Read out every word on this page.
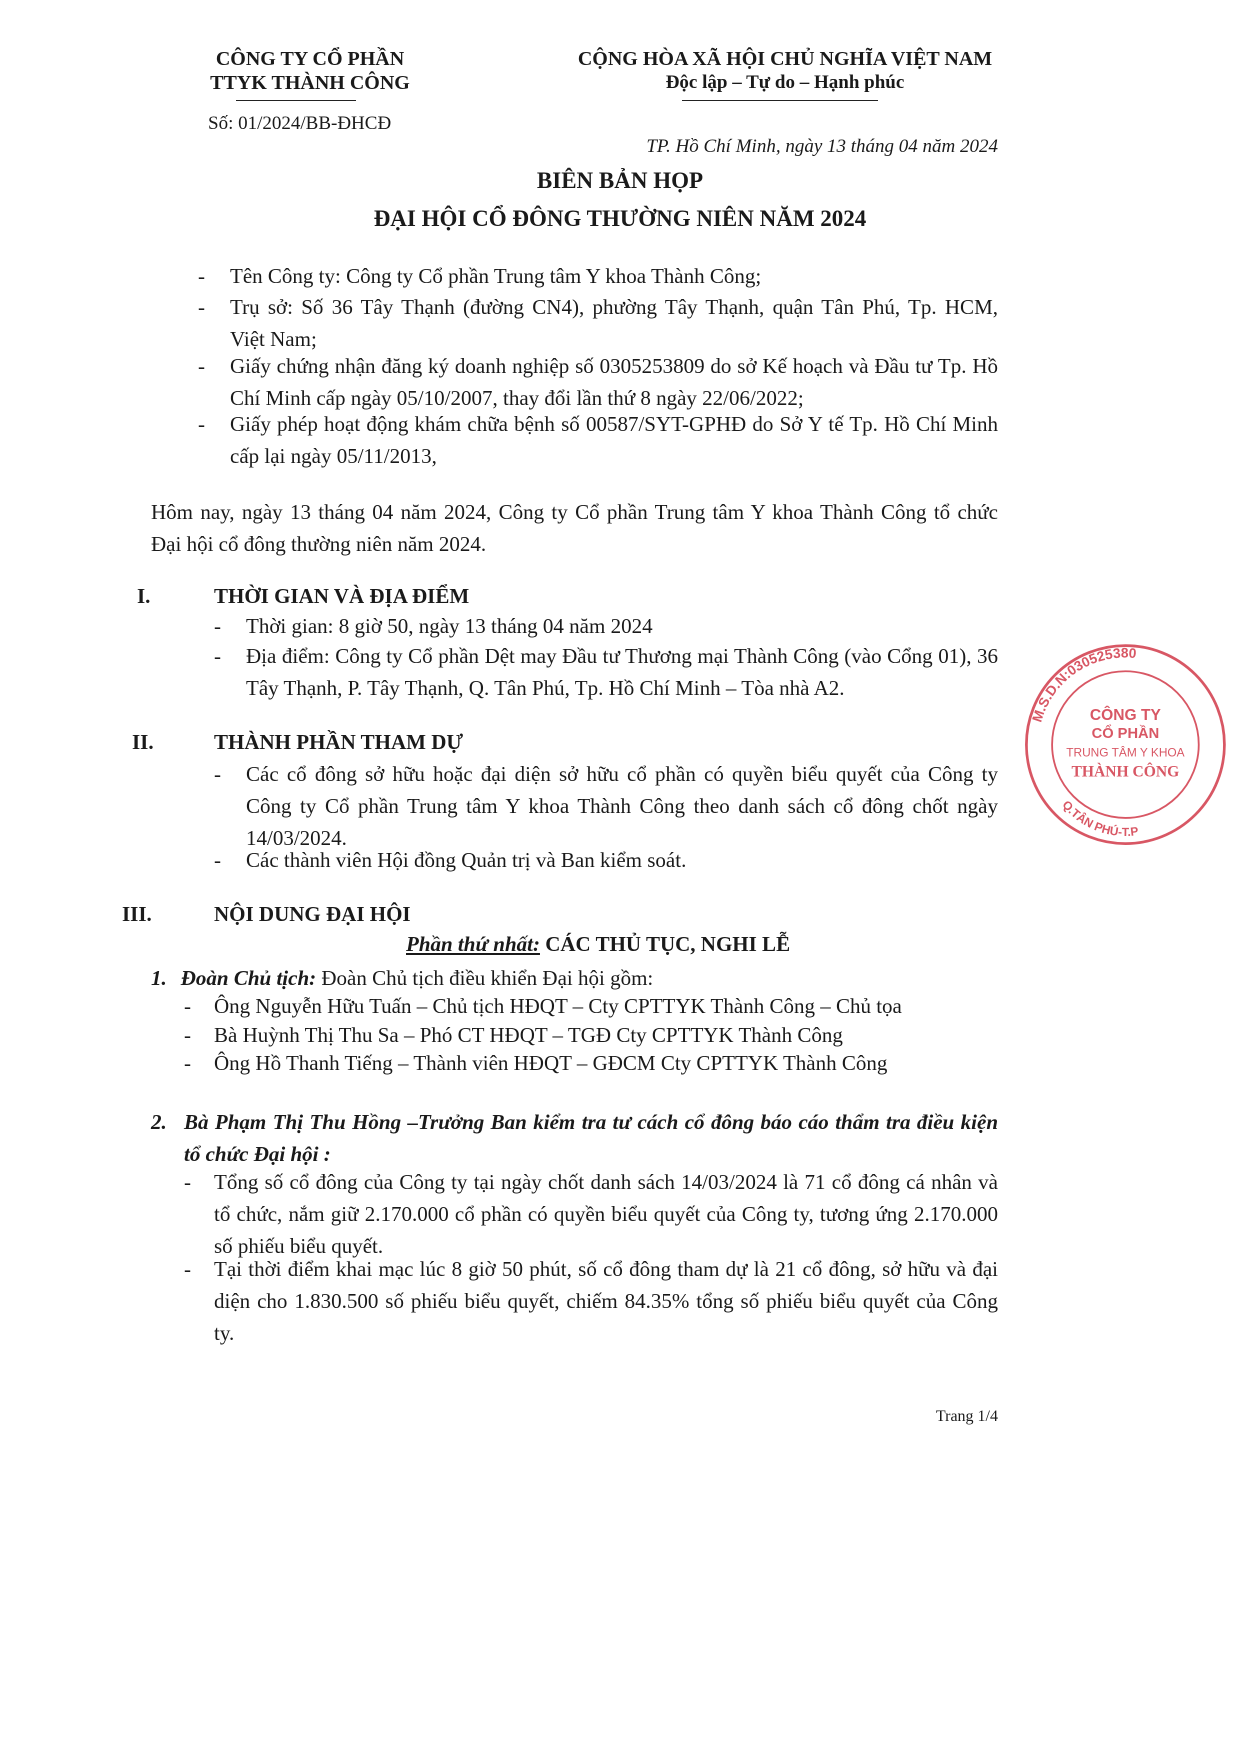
CÔNG TY CỔ PHẦN
TTYK THÀNH CÔNG
Số: 01/2024/BB-ĐHCĐ
CỘNG HÒA XÃ HỘI CHỦ NGHĨA VIỆT NAM
Độc lập – Tự do – Hạnh phúc
TP. Hồ Chí Minh, ngày 13 tháng 04 năm 2024
BIÊN BẢN HỌP
ĐẠI HỘI CỔ ĐÔNG THƯỜNG NIÊN NĂM 2024
- Tên Công ty: Công ty Cổ phần Trung tâm Y khoa Thành Công;
- Trụ sở: Số 36 Tây Thạnh (đường CN4), phường Tây Thạnh, quận Tân Phú, Tp. HCM,
Việt Nam;
- Giấy chứng nhận đăng ký doanh nghiệp số 0305253809 do sở Kế hoạch và Đầu tư Tp. Hồ
Chí Minh cấp ngày 05/10/2007, thay đổi lần thứ 8 ngày 22/06/2022;
- Giấy phép hoạt động khám chữa bệnh số 00587/SYT-GPHĐ do Sở Y tế Tp. Hồ Chí Minh
cấp lại ngày 05/11/2013,
Hôm nay, ngày 13 tháng 04 năm 2024, Công ty Cổ phần Trung tâm Y khoa Thành Công tổ chức
Đại hội cổ đông thường niên năm 2024.
I.	THỜI GIAN VÀ ĐỊA ĐIỂM
- Thời gian: 8 giờ 50, ngày 13 tháng 04 năm 2024
- Địa điểm: Công ty Cổ phần Dệt may Đầu tư Thương mại Thành Công (vào Cổng 01), 36
Tây Thạnh, P. Tây Thạnh, Q. Tân Phú, Tp. Hồ Chí Minh – Tòa nhà A2.
II.	THÀNH PHẦN THAM DỰ
- Các cổ đông sở hữu hoặc đại diện sở hữu cổ phần có quyền biểu quyết của Công ty
Công ty Cổ phần Trung tâm Y khoa Thành Công theo danh sách cổ đông chốt ngày
14/03/2024.
- Các thành viên Hội đồng Quản trị và Ban kiểm soát.
III.	NỘI DUNG ĐẠI HỘI
Phần thứ nhất: CÁC THỦ TỤC, NGHI LỄ
1. Đoàn Chủ tịch: Đoàn Chủ tịch điều khiển Đại hội gồm:
- Ông Nguyễn Hữu Tuấn – Chủ tịch HĐQT – Cty CPTTYK Thành Công – Chủ tọa
- Bà Huỳnh Thị Thu Sa – Phó CT HĐQT – TGĐ Cty CPTTYK Thành Công
- Ông Hồ Thanh Tiếng – Thành viên HĐQT – GĐCM Cty CPTTYK Thành Công
2. Bà Phạm Thị Thu Hồng –Trưởng Ban kiểm tra tư cách cổ đông báo cáo thẩm tra điều kiện
tổ chức Đại hội :
- Tổng số cổ đông của Công ty tại ngày chốt danh sách 14/03/2024 là 71 cổ đông cá nhân và
tổ chức, nắm giữ 2.170.000 cổ phần có quyền biểu quyết của Công ty, tương ứng 2.170.000
số phiếu biểu quyết.
- Tại thời điểm khai mạc lúc 8 giờ 50 phút, số cổ đông tham dự là 21 cổ đông, sở hữu và đại
diện cho 1.830.500 số phiếu biểu quyết, chiếm 84.35% tổng số phiếu biểu quyết của Công
ty.
Trang 1/4
M.S.D.N:030525380
CÔNG TY
CỔ PHẦN
TRUNG TÂM Y KHOA
THÀNH CÔNG
Q.TÂN PHÚ-T.P
